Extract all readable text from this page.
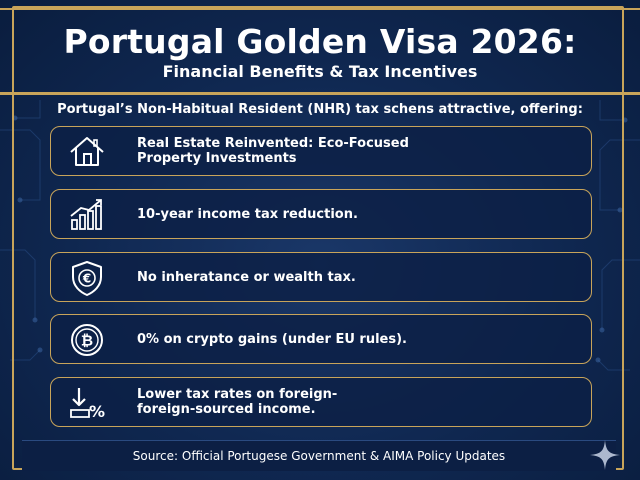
Portugal Golden Visa 2026:
Financial Benefits & Tax Incentives
Portugal’s Non-Habitual Resident (NHR) tax schens attractive, offering:
Real Estate Reinvented: Eco-Focused
Property Investments
10-year income tax reduction.
€	No inheratance or wealth tax.
₿	0% on crypto gains (under EU rules).
%
Lower tax rates on foreign-
foreign-sourced income.
Source: Official Portugese Government & AIMA Policy Updates
